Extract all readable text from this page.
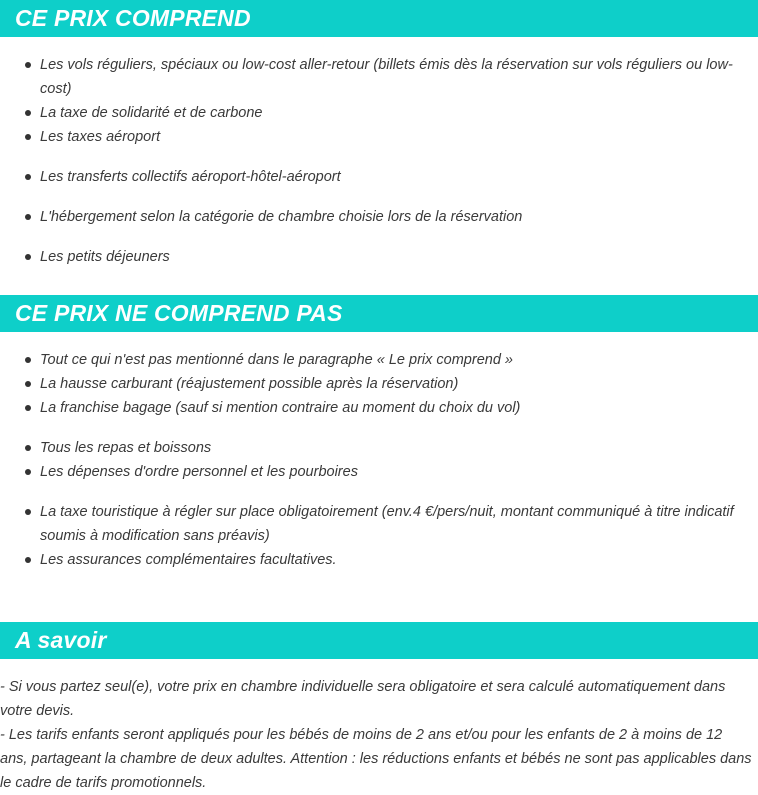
CE PRIX COMPREND
Les vols réguliers, spéciaux ou low-cost aller-retour (billets émis dès la réservation sur vols réguliers ou low-cost)
La taxe de solidarité et de carbone
Les taxes aéroport
Les transferts collectifs aéroport-hôtel-aéroport
L'hébergement selon la catégorie de chambre choisie lors de la réservation
Les petits déjeuners
CE PRIX NE COMPREND PAS
Tout ce qui n'est pas mentionné dans le paragraphe « Le prix comprend »
La hausse carburant (réajustement possible après la réservation)
La franchise bagage (sauf si mention contraire au moment du choix du vol)
Tous les repas et boissons
Les dépenses d'ordre personnel et les pourboires
La taxe touristique à régler sur place obligatoirement (env.4 €/pers/nuit, montant communiqué à titre indicatif soumis à modification sans préavis)
Les assurances complémentaires facultatives.
A savoir

- Si vous partez seul(e), votre prix en chambre individuelle sera obligatoire et sera calculé automatiquement dans votre devis.

- Les tarifs enfants seront appliqués pour les bébés de moins de 2 ans et/ou pour les enfants de 2 à moins de 12 ans, partageant la chambre de deux adultes. Attention : les réductions enfants et bébés ne sont pas applicables dans le cadre de tarifs promotionnels.
